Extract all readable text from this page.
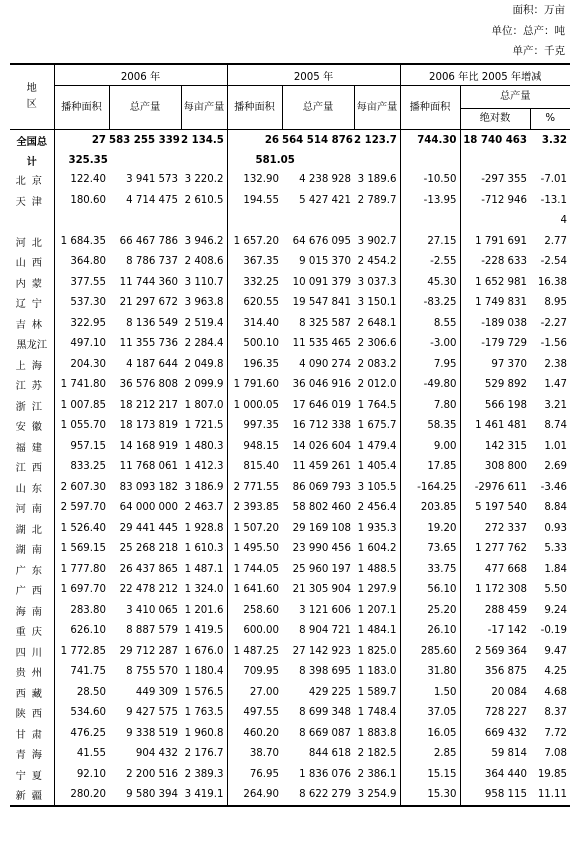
面积：万亩
单位：总产：吨
单产：千克
地区	2006 年			2005 年			2006 年比 2005 年增减		
	播种面积	总产量	每亩产量	播种面积	总产量	每亩产量	播种面积	总产量	
								绝对数	%
全国总	27	583 255 339	2 134.5	26	564 514 876	2 123.7	744.30	18 740 463	3.32
计	325.35			581.05					
北京	122.40	3 941 573	3 220.2	132.90	4 238 928	3 189.6	-10.50	-297 355	-7.01
天津	180.60	4 714 475	2 610.5	194.55	5 427 421	2 789.7	-13.95	-712 946	-13.1
									4
河北	1 684.35	66 467 786	3 946.2	1 657.20	64 676 095	3 902.7	27.15	1 791 691	2.77
山西	364.80	8 786 737	2 408.6	367.35	9 015 370	2 454.2	-2.55	-228 633	-2.54
内蒙	377.55	11 744 360	3 110.7	332.25	10 091 379	3 037.3	45.30	1 652 981	16.38
辽宁	537.30	21 297 672	3 963.8	620.55	19 547 841	3 150.1	-83.25	1 749 831	8.95
吉林	322.95	8 136 549	2 519.4	314.40	8 325 587	2 648.1	8.55	-189 038	-2.27
黑龙江	497.10	11 355 736	2 284.4	500.10	11 535 465	2 306.6	-3.00	-179 729	-1.56
上海	204.30	4 187 644	2 049.8	196.35	4 090 274	2 083.2	7.95	97 370	2.38
江苏	1 741.80	36 576 808	2 099.9	1 791.60	36 046 916	2 012.0	-49.80	529 892	1.47
浙江	1 007.85	18 212 217	1 807.0	1 000.05	17 646 019	1 764.5	7.80	566 198	3.21
安徽	1 055.70	18 173 819	1 721.5	997.35	16 712 338	1 675.7	58.35	1 461 481	8.74
福建	957.15	14 168 919	1 480.3	948.15	14 026 604	1 479.4	9.00	142 315	1.01
江西	833.25	11 768 061	1 412.3	815.40	11 459 261	1 405.4	17.85	308 800	2.69
山东	2 607.30	83 093 182	3 186.9	2 771.55	86 069 793	3 105.5	-164.25	-2976 611	-3.46
河南	2 597.70	64 000 000	2 463.7	2 393.85	58 802 460	2 456.4	203.85	5 197 540	8.84
湖北	1 526.40	29 441 445	1 928.8	1 507.20	29 169 108	1 935.3	19.20	272 337	0.93
湖南	1 569.15	25 268 218	1 610.3	1 495.50	23 990 456	1 604.2	73.65	1 277 762	5.33
广东	1 777.80	26 437 865	1 487.1	1 744.05	25 960 197	1 488.5	33.75	477 668	1.84
广西	1 697.70	22 478 212	1 324.0	1 641.60	21 305 904	1 297.9	56.10	1 172 308	5.50
海南	283.80	3 410 065	1 201.6	258.60	3 121 606	1 207.1	25.20	288 459	9.24
重庆	626.10	8 887 579	1 419.5	600.00	8 904 721	1 484.1	26.10	-17 142	-0.19
四川	1 772.85	29 712 287	1 676.0	1 487.25	27 142 923	1 825.0	285.60	2 569 364	9.47
贵州	741.75	8 755 570	1 180.4	709.95	8 398 695	1 183.0	31.80	356 875	4.25
西藏	28.50	449 309	1 576.5	27.00	429 225	1 589.7	1.50	20 084	4.68
陕西	534.60	9 427 575	1 763.5	497.55	8 699 348	1 748.4	37.05	728 227	8.37
甘肃	476.25	9 338 519	1 960.8	460.20	8 669 087	1 883.8	16.05	669 432	7.72
青海	41.55	904 432	2 176.7	38.70	844 618	2 182.5	2.85	59 814	7.08
宁夏	92.10	2 200 516	2 389.3	76.95	1 836 076	2 386.1	15.15	364 440	19.85
新疆	280.20	9 580 394	3 419.1	264.90	8 622 279	3 254.9	15.30	958 115	11.11
